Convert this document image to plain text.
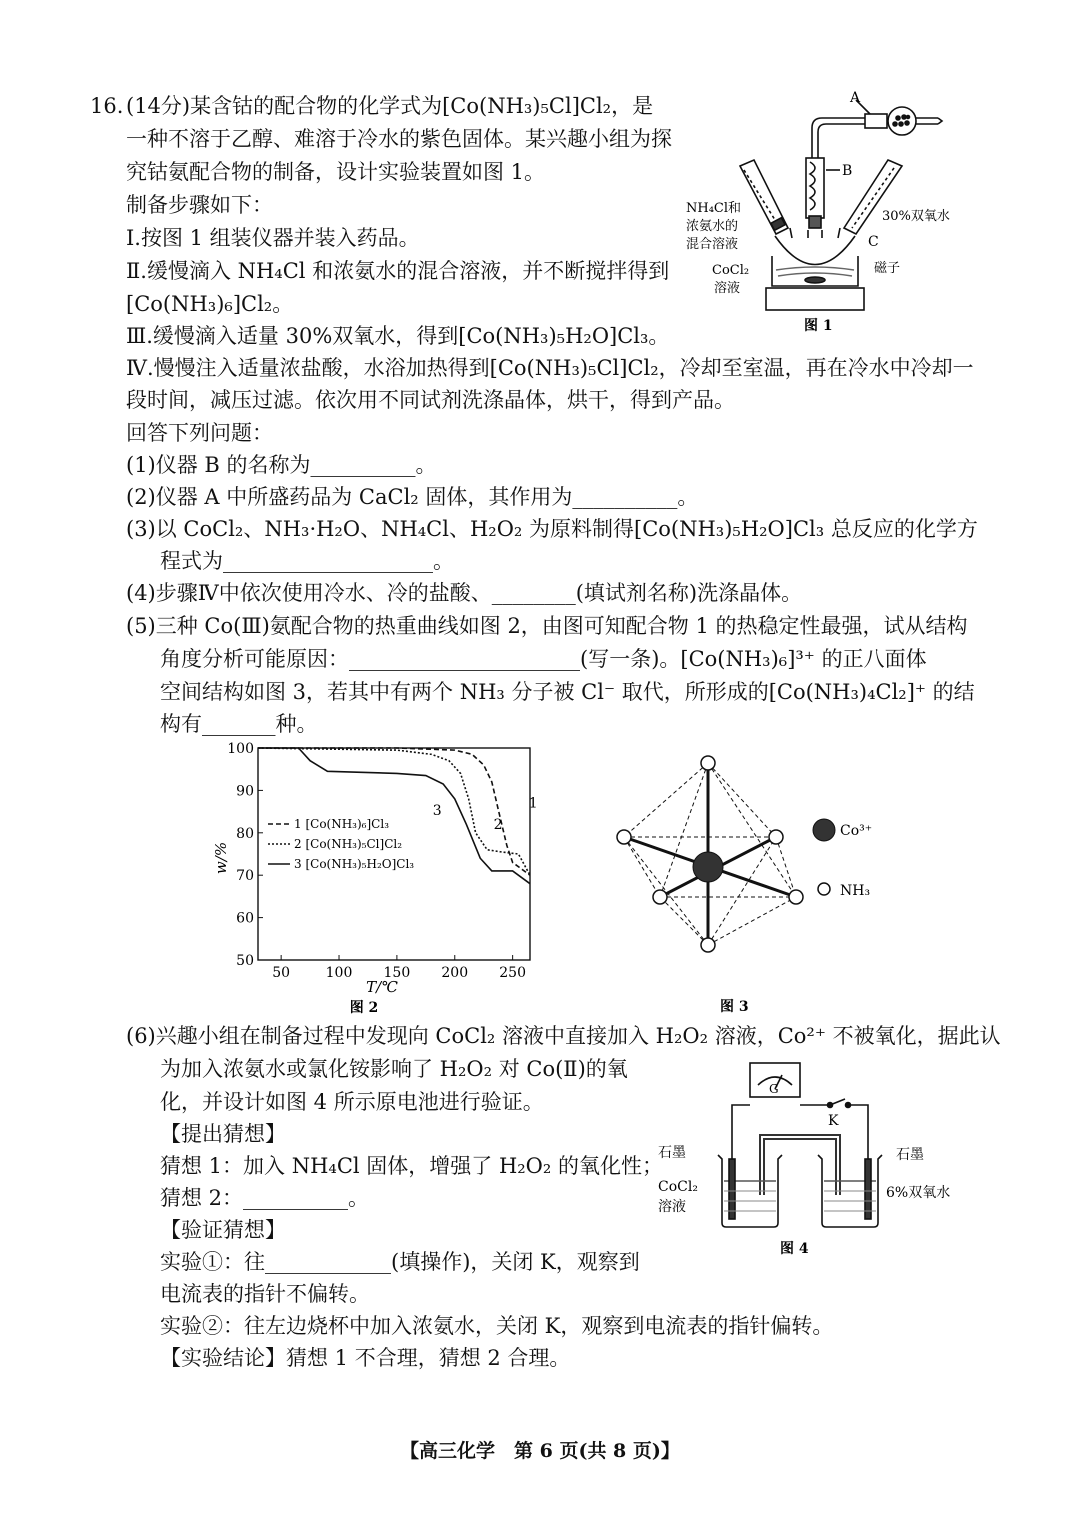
16. (14分)某含钴的配合物的化学式为[Co(NH₃)₅Cl]Cl₂，是
一种不溶于乙醇、难溶于冷水的紫色固体。某兴趣小组为探
究钴氨配合物的制备，设计实验装置如图 1。
制备步骤如下：
Ⅰ.按图 1 组装仪器并装入药品。
Ⅱ.缓慢滴入 NH₄Cl 和浓氨水的混合溶液，并不断搅拌得到
[Co(NH₃)₆]Cl₂。
Ⅲ.缓慢滴入适量 30%双氧水，得到[Co(NH₃)₅H₂O]Cl₃。
Ⅳ.慢慢注入适量浓盐酸，水浴加热得到[Co(NH₃)₅Cl]Cl₂，冷却至室温，再在冷水中冷却一
段时间，减压过滤。依次用不同试剂洗涤晶体，烘干，得到产品。
回答下列问题：
(1)仪器 B 的名称为__________。
(2)仪器 A 中所盛药品为 CaCl₂ 固体，其作用为__________。
(3)以 CoCl₂、NH₃·H₂O、NH₄Cl、H₂O₂ 为原料制得[Co(NH₃)₅H₂O]Cl₃ 总反应的化学方
程式为____________________。
(4)步骤Ⅳ中依次使用冷水、冷的盐酸、________(填试剂名称)洗涤晶体。
(5)三种 Co(Ⅲ)氨配合物的热重曲线如图 2，由图可知配合物 1 的热稳定性最强，试从结构
角度分析可能原因：______________________(写一条)。[Co(NH₃)₆]³⁺ 的正八面体
空间结构如图 3，若其中有两个 NH₃ 分子被 Cl⁻ 取代，所形成的[Co(NH₃)₄Cl₂]⁺ 的结
构有_______种。
(6)兴趣小组在制备过程中发现向 CoCl₂ 溶液中直接加入 H₂O₂ 溶液，Co²⁺ 不被氧化，据此认
为加入浓氨水或氯化铵影响了 H₂O₂ 对 Co(Ⅱ)的氧
化，并设计如图 4 所示原电池进行验证。
【提出猜想】
猜想 1：加入 NH₄Cl 固体，增强了 H₂O₂ 的氧化性；
猜想 2：__________。
【验证猜想】
实验①：往____________(填操作)，关闭 K，观察到
电流表的指针不偏转。
实验②：往左边烧杯中加入浓氨水，关闭 K，观察到电流表的指针偏转。
【实验结论】猜想 1 不合理，猜想 2 合理。
A
B
C
NH₄Cl和
浓氨水的
混合溶液
CoCl₂
溶液
30%双氧水
磁子
图 1
50
60
70
80
90
100
50	100 150 200 250
1
2
3
1 [Co(NH₃)₆]Cl₃
2 [Co(NH₃)₅Cl]Cl₂
3 [Co(NH₃)₅H₂O]Cl₃
w/%
T/℃
图 2
Co³⁺
NH₃
图 3
G
K
石墨	石墨
CoCl₂
溶液
6%双氧水
图 4
【高三化学　第 6 页(共 8 页)】
